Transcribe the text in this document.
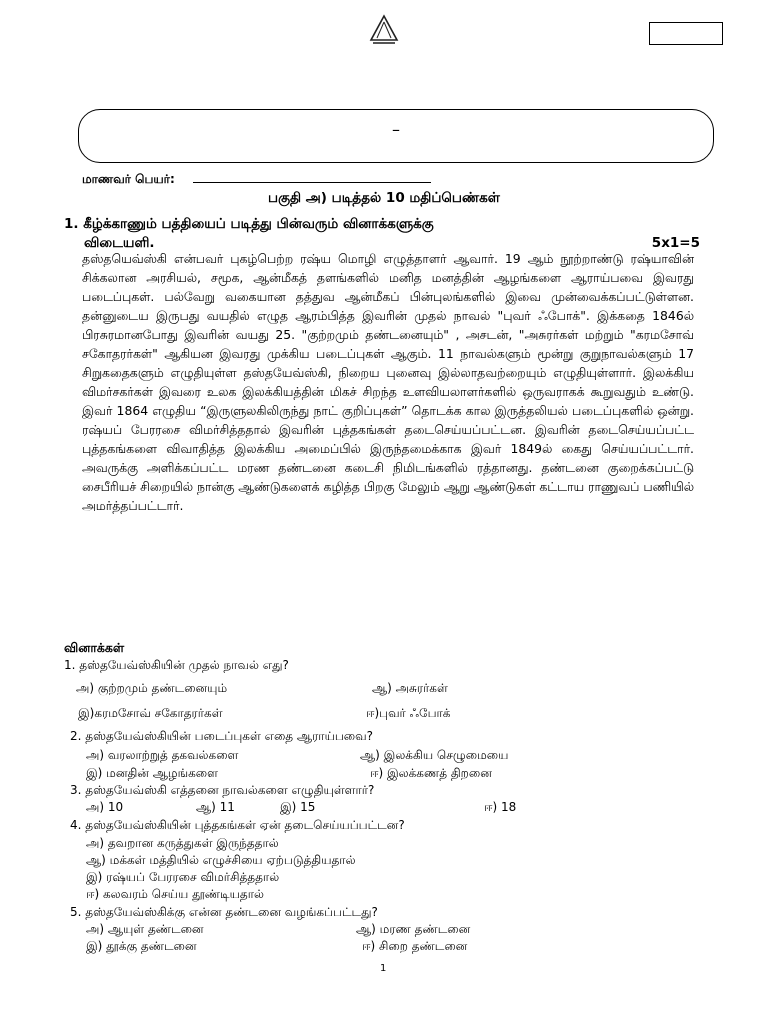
–
மாணவர் பெயர்:
பகுதி அ) படித்தல் 10 மதிப்பெண்கள்
1. கீழ்க்காணும் பத்தியைப் படித்து பின்வரும் வினாக்களுக்கு
விடையளி.	5x1=5
தஸ்தயெவ்ஸ்கி என்பவர் புகழ்பெற்ற ரஷ்ய மொழி எழுத்தாளர் ஆவார். 19 ஆம் நூற்றாண்டு ரஷ்யாவின் சிக்கலான அரசியல், சமூக, ஆன்மீகத் தளங்களில் மனித மனத்தின் ஆழங்களை ஆராய்பவை இவரது படைப்புகள். பல்வேறு வகையான தத்துவ ஆன்மீகப் பின்புலங்களில் இவை முன்வைக்கப்பட்டுள்ளன. தன்னுடைய இருபது வயதில் எழுத ஆரம்பித்த இவரின் முதல் நாவல் "புவர் ஃபோக்". இக்கதை 1846ல் பிரசுரமானபோது இவரின் வயது 25. "குற்றமும் தண்டனையும்" , அசடன், "அசுரர்கள் மற்றும் "கரமசோவ் சகோதரர்கள்" ஆகியன இவரது முக்கிய படைப்புகள் ஆகும். 11 நாவல்களும் மூன்று குறுநாவல்களும் 17 சிறுகதைகளும் எழுதியுள்ள தஸ்தயேவ்ஸ்கி, நிறைய புனைவு இல்லாதவற்றையும் எழுதியுள்ளார். இலக்கிய விமர்சகர்கள் இவரை உலக இலக்கியத்தின் மிகச் சிறந்த உளவியலாளர்களில் ஒருவராகக் கூறுவதும் உண்டு. இவர் 1864 எழுதிய “இருளுலகிலிருந்து நாட் குறிப்புகள்” தொடக்க கால இருத்தலியல் படைப்புகளில் ஒன்று. ரஷ்யப் பேரரசை விமர்சித்ததால் இவரின் புத்தகங்கள் தடைசெய்யப்பட்டன. இவரின் தடைசெய்யப்பட்ட புத்தகங்களை விவாதித்த இலக்கிய அமைப்பில் இருந்தமைக்காக இவர் 1849ல் கைது செய்யப்பட்டார். அவருக்கு அளிக்கப்பட்ட மரண தண்டனை கடைசி நிமிடங்களில் ரத்தானது. தண்டனை குறைக்கப்பட்டு சைபீரியச் சிறையில் நான்கு ஆண்டுகளைக் கழித்த பிறகு மேலும் ஆறு ஆண்டுகள் கட்டாய ராணுவப் பணியில் அமர்த்தப்பட்டார்.
வினாக்கள்
1. தஸ்தயேவ்ஸ்கியின் முதல் நாவல் எது?
அ) குற்றமும் தண்டனையும்	ஆ) அசுரர்கள்
இ)கரமசோவ் சகோதரர்கள்	ஈ)புவர் ஃபோக்
2. தஸ்தயேவ்ஸ்கியின் படைப்புகள் எதை ஆராய்பவை?
அ) வரலாற்றுத் தகவல்களை	ஆ) இலக்கிய செழுமையை
இ) மனதின் ஆழங்களை	ஈ) இலக்கணத் திறனை
3. தஸ்தயேவ்ஸ்கி எத்தனை நாவல்களை எழுதியுள்ளார்?
அ) 10	ஆ) 11	இ) 15	ஈ) 18
4. தஸ்தயேவ்ஸ்கியின் புத்தகங்கள் ஏன் தடைசெய்யப்பட்டன?
அ) தவறான கருத்துகள் இருந்ததால்
ஆ) மக்கள் மத்தியில் எழுச்சியை ஏற்படுத்தியதால்
இ) ரஷ்யப் பேரரசை விமர்சித்ததால்
ஈ) கலவரம் செய்ய தூண்டியதால்
5. தஸ்தயேவ்ஸ்கிக்கு என்ன தண்டனை வழங்கப்பட்டது?
அ) ஆயுள் தண்டனை	ஆ) மரண தண்டனை
இ) தூக்கு தண்டனை	ஈ) சிறை தண்டனை
1
